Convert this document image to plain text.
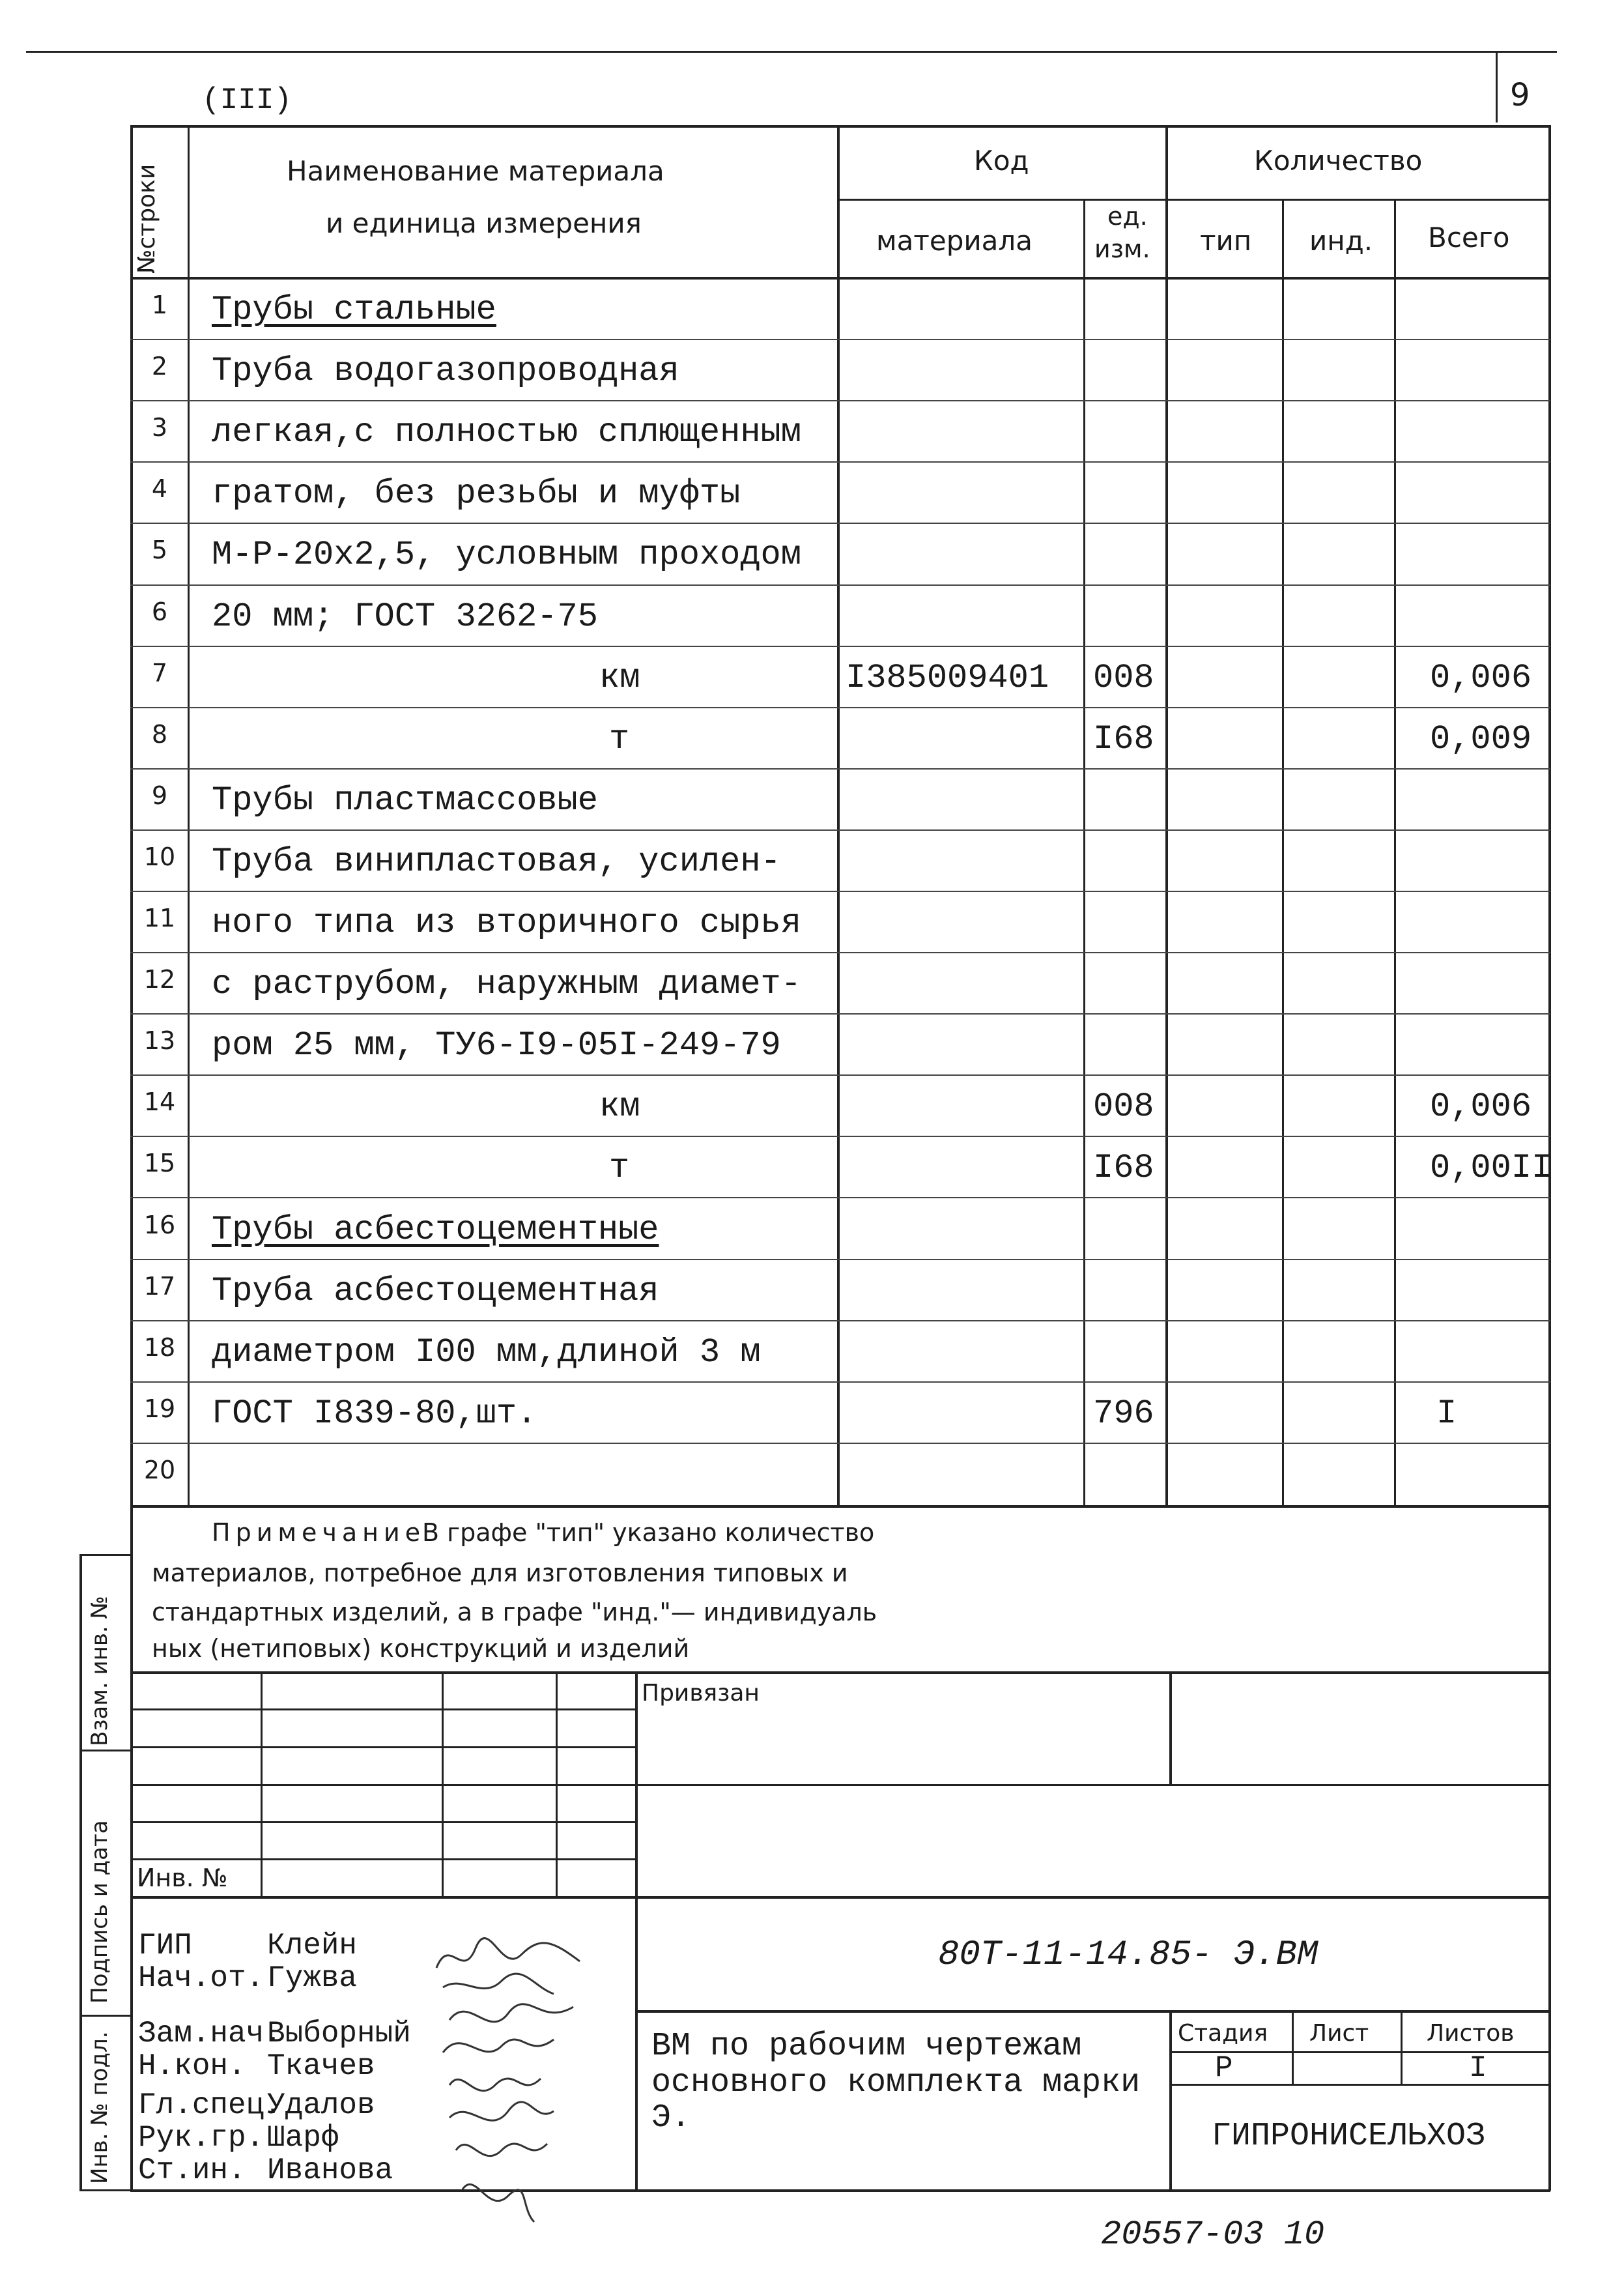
9
(III)
№строки	Наименование материала
и единица измерения
Код
материала
ед.
изм.
Количество
тип инд. Всего
1	Трубы стальные
2	Труба водогазопроводная
3	легкая,с полностью сплющенным
4	гратом, без резьбы и муфты
5	М-Р-20х2,5, условным проходом
6	20 мм; ГОСТ 3262-75
7	км	I385009401 008	0,006
8	т	I68	0,009
9	Трубы пластмассовые
10	Труба винипластовая, усилен-
11	ного типа из вторичного сырья
12	с раструбом, наружным диамет-
13	ром 25 мм, ТУ6-I9-05I-249-79
14	км	008	0,006
15	т	I68	0,00II
16	Трубы асбестоцементные
17	Труба асбестоцементная
18	диаметром I00 мм,длиной 3 м
19	ГОСТ I839-80,шт.	796	I
20
Примечание
В графе "тип" указано количество
материалов, потребное для изготовления типовых и
стандартных изделий, а в графе "инд."— индивидуаль
ных (нетиповых) конструкций и изделий
Взам. инв. №
Подпись и дата
Инв. № подл.
Привязан
Инв. №
80Т-11-14.85- Э.ВМ
ГИП	Клейн
Нач.от. Гужва
Зам.нач.
Выборный
Н.кон. Ткачев
Гл.спец.
Удалов
Рук.гр. Шарф
Ст.ин. Иванова
ВМ по рабочим чертежам
основного комплекта марки
Э.
Стадия Лист Листов
Р	I
ГИПРОНИСЕЛЬХОЗ
20557-03 10
